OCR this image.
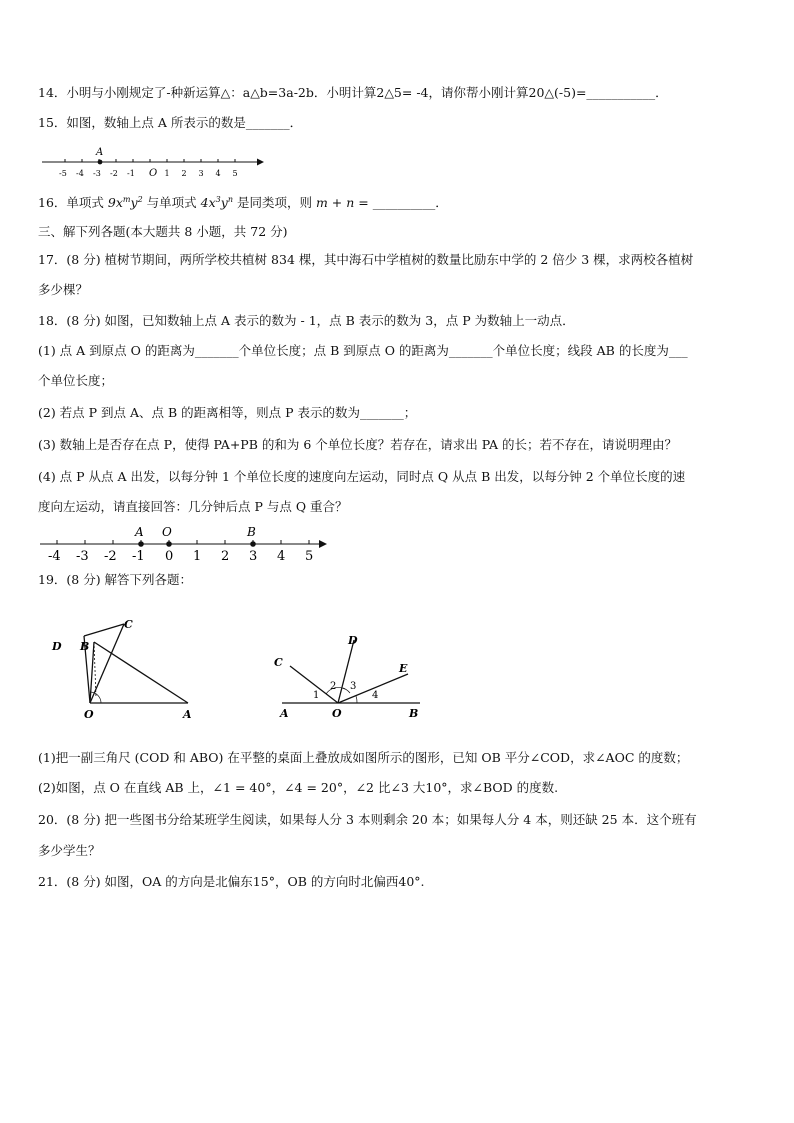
14．小明与小刚规定了-种新运算△：a△b=3a-2b．小明计算2△5= -4，请你帮小刚计算20△(-5)=___________．
15．如图，数轴上点 A 所表示的数是_______．
-5 -4 -3 -2 -1	1 2 3 4 5
A
O
16．单项式 $9x^my^2$ 与单项式 $4x^3y^n$ 是同类项，则 m + n = __________．
三、解下列各题(本大题共 8 小题，共 72 分)
17．(8 分) 植树节期间，两所学校共植树 834 棵，其中海石中学植树的数量比励东中学的 2 倍少 3 棵，求两校各植树
多少棵？
18．(8 分) 如图，已知数轴上点 A 表示的数为 - 1，点 B 表示的数为 3，点 P 为数轴上一动点．
(1) 点 A 到原点 O 的距离为_______个单位长度；点 B 到原点 O 的距离为_______个单位长度；线段 AB 的长度为___
个单位长度；
(2) 若点 P 到点 A、点 B 的距离相等，则点 P 表示的数为_______；
(3) 数轴上是否存在点 P，使得 PA+PB 的和为 6 个单位长度？若存在，请求出 PA 的长；若不存在，请说明理由？
(4) 点 P 从点 A 出发，以每分钟 1 个单位长度的速度向左运动，同时点 Q 从点 B 出发，以每分钟 2 个单位长度的速
度向左运动，请直接回答：几分钟后点 P 与点 Q 重合？
-4 -3 -2 -1 0 1 2 3 4 5
A O	B
19．(8 分) 解答下列各题：
D B
C
O	A
C
D
E
A	O	B
1
2 3
4
(1)把一副三角尺 (COD 和 ABO) 在平整的桌面上叠放成如图所示的图形，已知 OB 平分∠COD，求∠AOC 的度数；
(2)如图，点 O 在直线 AB 上，∠1 = 40°，∠4 = 20°，∠2 比∠3 大10°，求∠BOD 的度数.
20．(8 分) 把一些图书分给某班学生阅读，如果每人分 3 本则剩余 20 本；如果每人分 4 本，则还缺 25 本．这个班有
多少学生？
21．(8 分) 如图，OA 的方向是北偏东15°，OB 的方向时北偏西40°.
